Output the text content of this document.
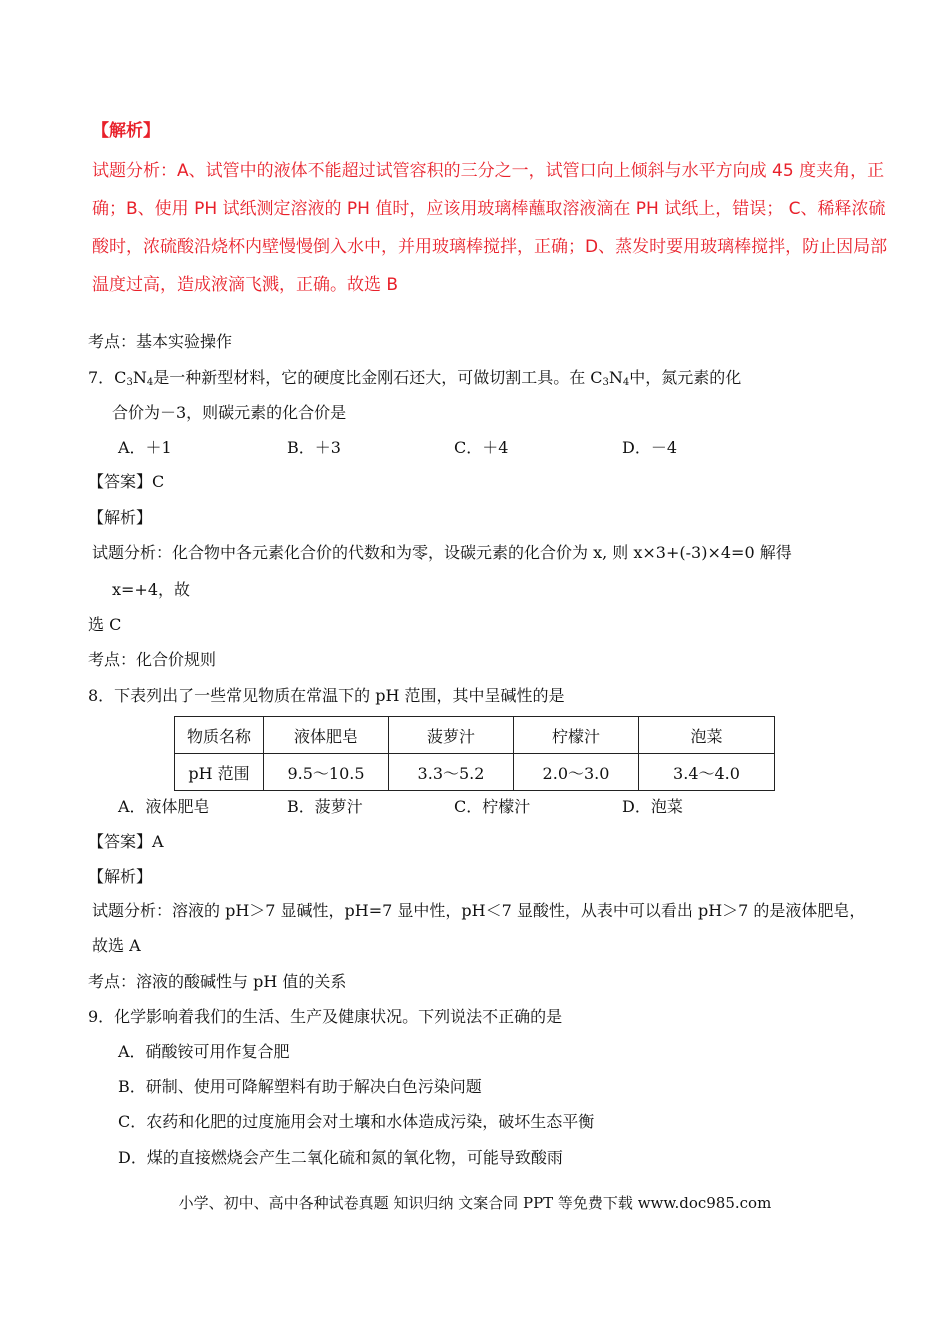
【解析】
试题分析：A、试管中的液体不能超过试管容积的三分之一，试管口向上倾斜与水平方向成 45 度夹角，正
确；B、使用 PH 试纸测定溶液的 PH 值时，应该用玻璃棒蘸取溶液滴在 PH 试纸上，错误； C、稀释浓硫
酸时，浓硫酸沿烧杯内壁慢慢倒入水中，并用玻璃棒搅拌，正确；D、蒸发时要用玻璃棒搅拌，防止因局部
温度过高，造成液滴飞溅，正确。故选 B
考点：基本实验操作
7．$C_3N_4$是一种新型材料，它的硬度比金刚石还大，可做切割工具。在 $C_3N_4$中，氮元素的化
合价为－3，则碳元素的化合价是
A．＋1	B．＋3	C．＋4	D．－4
【答案】C
【解析】
试题分析：化合物中各元素化合价的代数和为零，设碳元素的化合价为 x, 则 x×3+(-3)×4=0 解得
x=+4，故
选 C
考点：化合价规则
8．下表列出了一些常见物质在常温下的 pH 范围，其中呈碱性的是
物质名称	液体肥皂	菠萝汁	柠檬汁	泡菜
pH 范围	9.5～10.5	3.3～5.2	2.0～3.0	3.4～4.0
A．液体肥皂	B．菠萝汁	C．柠檬汁	D．泡菜
【答案】A
【解析】
试题分析：溶液的 pH＞7 显碱性，pH=7 显中性，pH＜7 显酸性，从表中可以看出 pH＞7 的是液体肥皂，
故选 A
考点：溶液的酸碱性与 pH 值的关系
9．化学影响着我们的生活、生产及健康状况。下列说法不正确的是
A．硝酸铵可用作复合肥
B．研制、使用可降解塑料有助于解决白色污染问题
C．农药和化肥的过度施用会对土壤和水体造成污染，破坏生态平衡
D．煤的直接燃烧会产生二氧化硫和氮的氧化物，可能导致酸雨
小学、初中、高中各种试卷真题 知识归纳 文案合同 PPT 等免费下载 www.doc985.com
